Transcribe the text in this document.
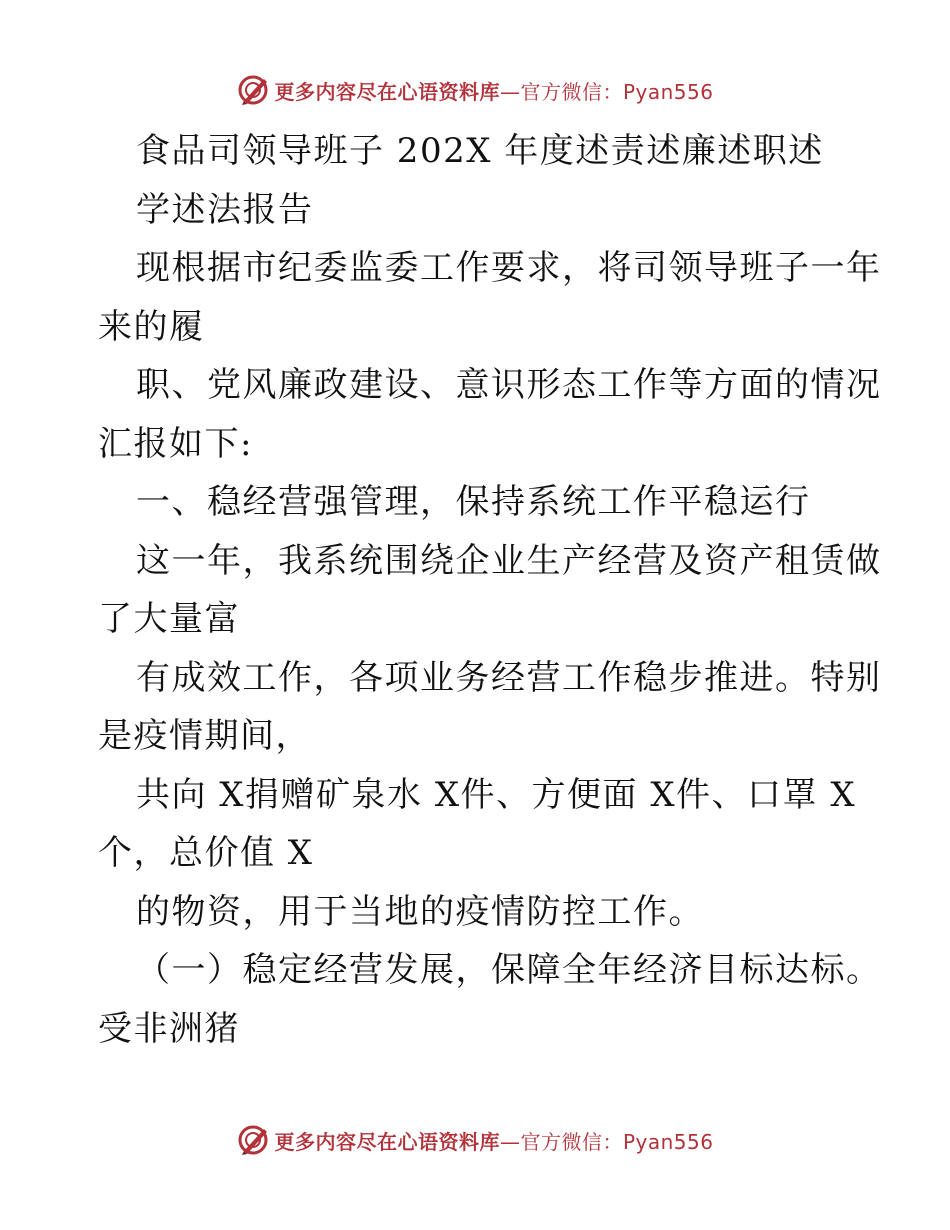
更多内容尽在心语资料库—官方微信：Pyan556
食品司领导班子 202X 年度述责述廉述职述
学述法报告
现根据市纪委监委工作要求，将司领导班子一年
来的履
职、党风廉政建设、意识形态工作等方面的情况
汇报如下:
一、稳经营强管理，保持系统工作平稳运行
这一年，我系统围绕企业生产经营及资产租赁做
了大量富
有成效工作，各项业务经营工作稳步推进。特别
是疫情期间，
共向 X捐赠矿泉水 X件、方便面 X件、口罩 X
个，总价值 X
的物资，用于当地的疫情防控工作。
（一）稳定经营发展，保障全年经济目标达标。
受非洲猪
更多内容尽在心语资料库—官方微信：Pyan556
